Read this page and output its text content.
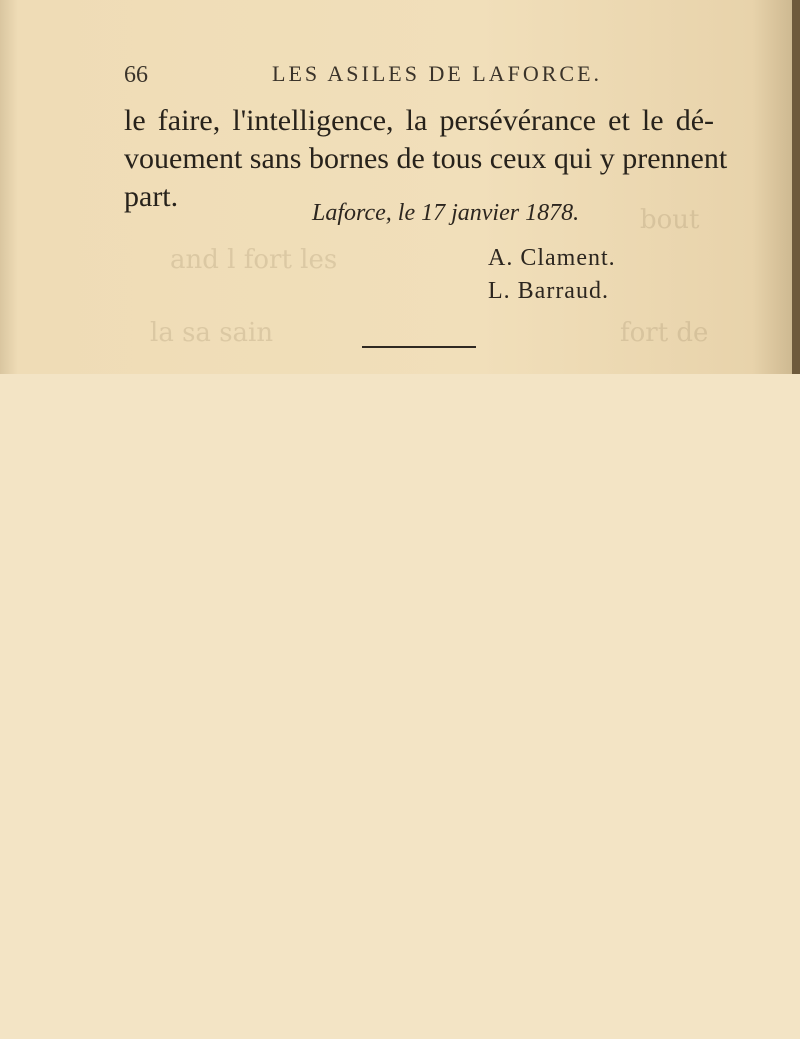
bout
and l fort les
la sa sain	fort de
66	LES ASILES DE LAFORCE.
le faire, l'intelligence, la persévérance et le dé-
vouement sans bornes de tous ceux qui y prennent
part.	Laforce, le 17 janvier 1878.
A. Clament.
L. Barraud.
